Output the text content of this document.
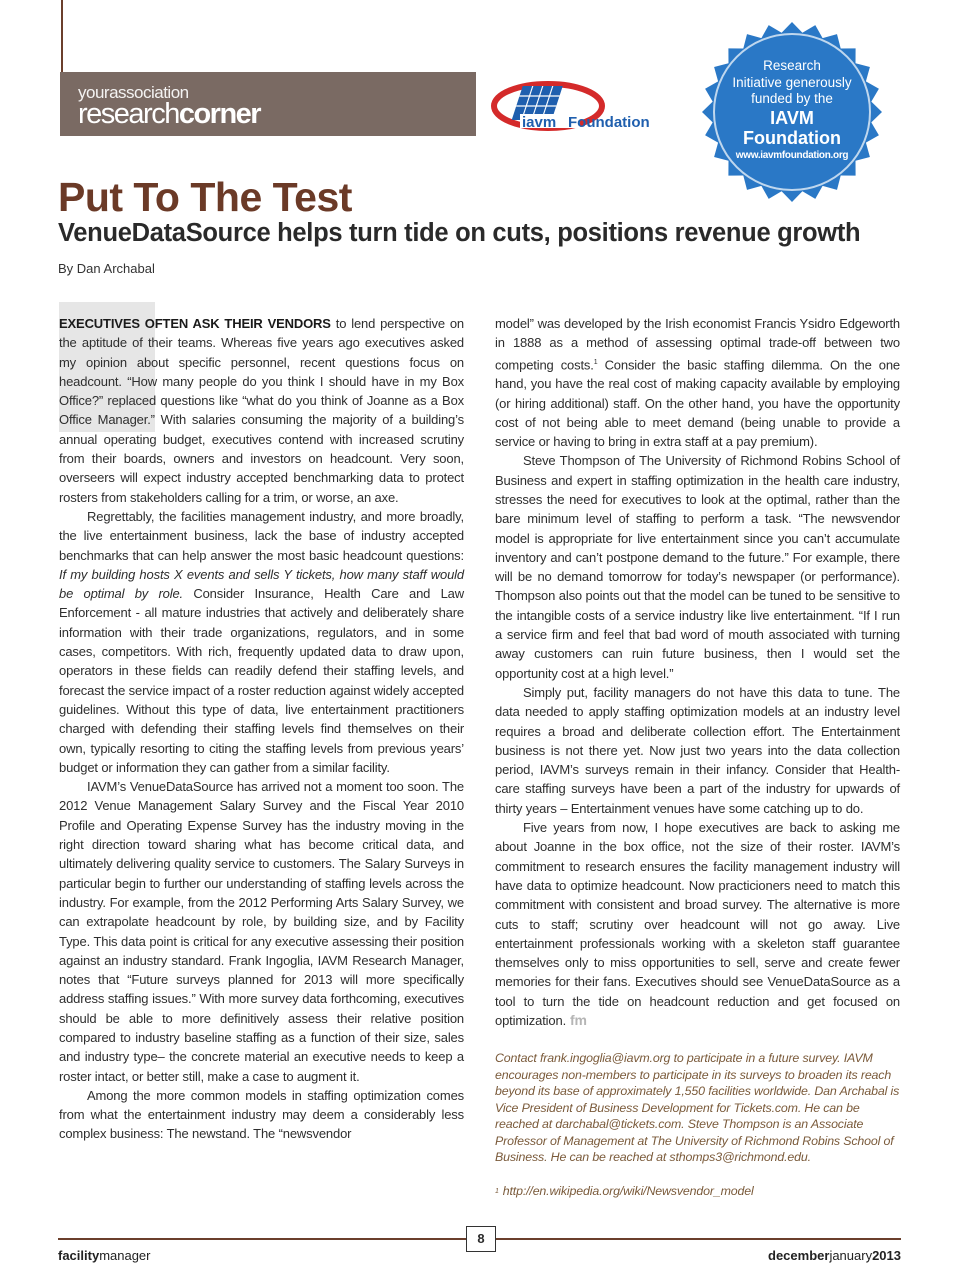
yourassociation
researchcorner	iavm Foundation
Research
Initiative generously
funded by the
IAVM
Foundation
www.iavmfoundation.org
Put To The Test
VenueDataSource helps turn tide on cuts, positions revenue growth
By Dan Archabal

EXECUTIVES OFTEN ASK THEIR VENDORS to lend perspective on the aptitude of their teams. Whereas five years ago executives asked my opinion about specific personnel, recent questions focus on headcount. “How many people do you think I should have in my Box Office?” replaced questions like “what do you think of Joanne as a Box Office Manager.” With salaries consuming the majority of a building’s annual operating budget, executives contend with increased scrutiny from their boards, owners and investors on headcount. Very soon, overseers will expect industry accepted benchmarking data to protect rosters from stakeholders calling for a trim, or worse, an axe.

Regrettably, the facilities management industry, and more broadly, the live entertainment business, lack the base of industry accepted benchmarks that can help answer the most basic headcount questions: If my building hosts X events and sells Y tickets, how many staff would be optimal by role. Consider Insurance, Health Care and Law Enforcement - all mature industries that actively and deliberately share information with their trade organizations, regulators, and in some cases, competitors. With rich, frequently updated data to draw upon, operators in these fields can readily defend their staffing levels, and forecast the service impact of a roster reduction against widely accepted guidelines. Without this type of data, live entertainment practitioners charged with defending their staffing levels find themselves on their own, typically resorting to citing the staffing levels from previous years’ budget or information they can gather from a similar facility.

IAVM’s VenueDataSource has arrived not a moment too soon. The 2012 Venue Management Salary Survey and the Fiscal Year 2010 Profile and Operating Expense Survey has the industry moving in the right direction toward sharing what has become critical data, and ultimately delivering quality service to customers. The Salary Surveys in particular begin to further our understanding of staffing levels across the industry. For example, from the 2012 Performing Arts Salary Survey, we can extrapolate headcount by role, by building size, and by Facility Type. This data point is critical for any executive assessing their position against an industry standard. Frank Ingoglia, IAVM Research Manager, notes that “Future surveys planned for 2013 will more specifically address staffing issues.” With more survey data forthcoming, executives should be able to more definitively assess their relative position compared to industry baseline staffing as a function of their size, sales and industry type– the concrete material an executive needs to keep a roster intact, or better still, make a case to augment it.

Among the more common models in staffing optimization comes from what the entertainment industry may deem a considerably less complex business: The newstand. The “newsvendor

model” was developed by the Irish economist Francis Ysidro Edgeworth in 1888 as a method of assessing optimal trade-off between two competing costs.$^1$ Consider the basic staffing dilemma. On the one hand, you have the real cost of making capacity available by employing (or hiring additional) staff. On the other hand, you have the opportunity cost of not being able to meet demand (being unable to provide a service or having to bring in extra staff at a pay premium).

Steve Thompson of The University of Richmond Robins School of Business and expert in staffing optimization in the health care industry, stresses the need for executives to look at the optimal, rather than the bare minimum level of staffing to perform a task. “The newsvendor model is appropriate for live entertainment since you can’t accumulate inventory and can’t postpone demand to the future.” For example, there will be no demand tomorrow for today’s newspaper (or performance). Thompson also points out that the model can be tuned to be sensitive to the intangible costs of a service industry like live entertainment. “If I run a service firm and feel that bad word of mouth associated with turning away customers can ruin future business, then I would set the opportunity cost at a high level.”

Simply put, facility managers do not have this data to tune. The data needed to apply staffing optimization models at an industry level requires a broad and deliberate collection effort. The Entertainment business is not there yet. Now just two years into the data collection period, IAVM’s surveys remain in their infancy. Consider that Health-care staffing surveys have been a part of the industry for upwards of thirty years – Entertainment venues have some catching up to do.

Five years from now, I hope executives are back to asking me about Joanne in the box office, not the size of their roster. IAVM’s commitment to research ensures the facility management industry will have data to optimize headcount. Now practicioners need to match this commitment with consistent and broad survey. The alternative is more cuts to staff; scrutiny over headcount will not go away. Live entertainment professionals working with a skeleton staff guarantee themselves only to miss opportunities to sell, serve and create fewer memories for their fans. Executives should see VenueDataSource as a tool to turn the tide on headcount reduction and get focused on optimization. fm

Contact frank.ingoglia@iavm.org to participate in a future survey. IAVM encourages non-members to participate in its surveys to broaden its reach beyond its base of approximately 1,550 facilities worldwide. Dan Archabal is Vice President of Business Development for Tickets.com. He can be reached at darchabal@tickets.com. Steve Thompson is an Associate Professor of Management at The University of Richmond Robins School of Business. He can be reached at sthomps3@richmond.edu.

$^1$ http://en.wikipedia.org/wiki/Newsvendor_model

8
facilitymanager	decemberjanuary2013
